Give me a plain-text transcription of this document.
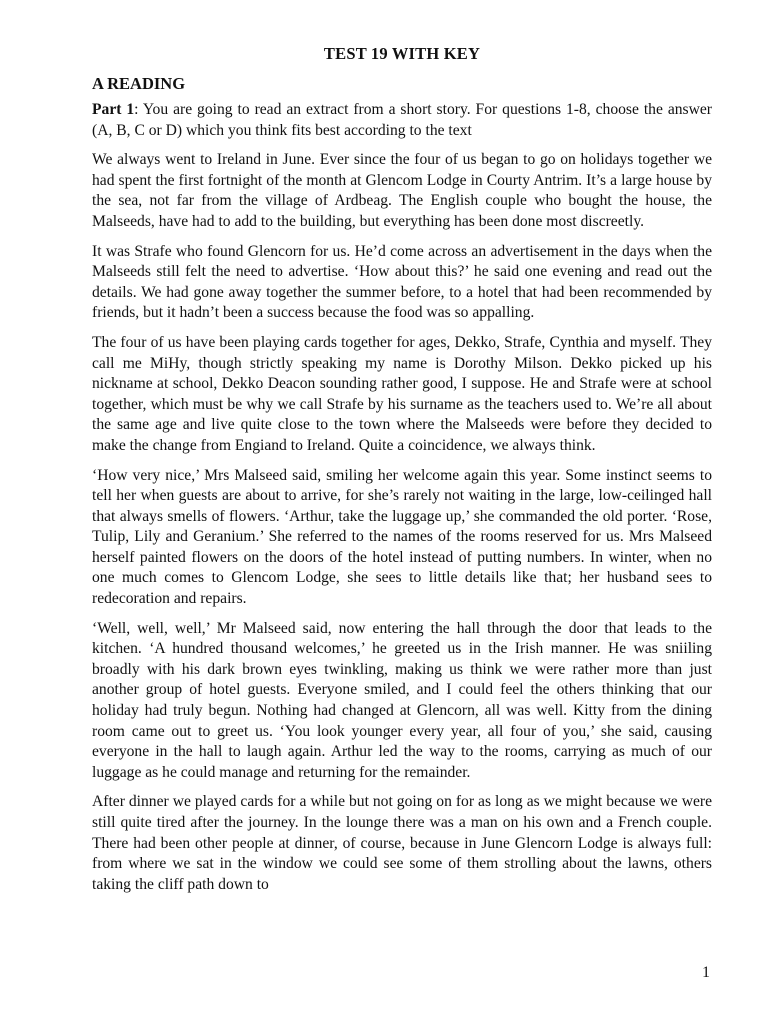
TEST 19 WITH KEY
A READING

Part 1: You are going to read an extract from a short story. For questions 1-8, choose the answer (A, B, C or D) which you think fits best according to the text

We always went to Ireland in June. Ever since the four of us began to go on holidays together we had spent the first fortnight of the month at Glencom Lodge in Courty Antrim. It’s a large house by the sea, not far from the village of Ardbeag. The English couple who bought the house, the Malseeds, have had to add to the building, but everything has been done most discreetly.

It was Strafe who found Glencorn for us. He’d come across an advertisement in the days when the Malseeds still felt the need to advertise. ‘How about this?’ he said one evening and read out the details. We had gone away together the summer before, to a hotel that had been recommended by friends, but it hadn’t been a success because the food was so appalling.

The four of us have been playing cards together for ages, Dekko, Strafe, Cynthia and myself. They call me MiHy, though strictly speaking my name is Dorothy Milson. Dekko picked up his nickname at school, Dekko Deacon sounding rather good, I suppose. He and Strafe were at school together, which must be why we call Strafe by his surname as the teachers used to. We’re all about the same age and live quite close to the town where the Malseeds were before they decided to make the change from Engiand to Ireland. Quite a coincidence, we always think.

‘How very nice,’ Mrs Malseed said, smiling her welcome again this year. Some instinct seems to tell her when guests are about to arrive, for she’s rarely not waiting in the large, low-ceilinged hall that always smells of flowers. ‘Arthur, take the luggage up,’ she commanded the old porter. ‘Rose, Tulip, Lily and Geranium.’ She referred to the names of the rooms reserved for us. Mrs Malseed herself painted flowers on the doors of the hotel instead of putting numbers. In winter, when no one much comes to Glencom Lodge, she sees to little details like that; her husband sees to redecoration and repairs.

‘Well, well, well,’ Mr Malseed said, now entering the hall through the door that leads to the kitchen. ‘A hundred thousand welcomes,’ he greeted us in the Irish manner. He was sniiling broadly with his dark brown eyes twinkling, making us think we were rather more than just another group of hotel guests. Everyone smiled, and I could feel the others thinking that our holiday had truly begun. Nothing had changed at Glencorn, all was well. Kitty from the dining room came out to greet us. ‘You look younger every year, all four of you,’ she said, causing everyone in the hall to laugh again. Arthur led the way to the rooms, carrying as much of our luggage as he could manage and returning for the remainder.

After dinner we played cards for a while but not going on for as long as we might because we were still quite tired after the journey. In the lounge there was a man on his own and a French couple. There had been other people at dinner, of course, because in June Glencorn Lodge is always full: from where we sat in the window we could see some of them strolling about the lawns, others taking the cliff path down to

1
